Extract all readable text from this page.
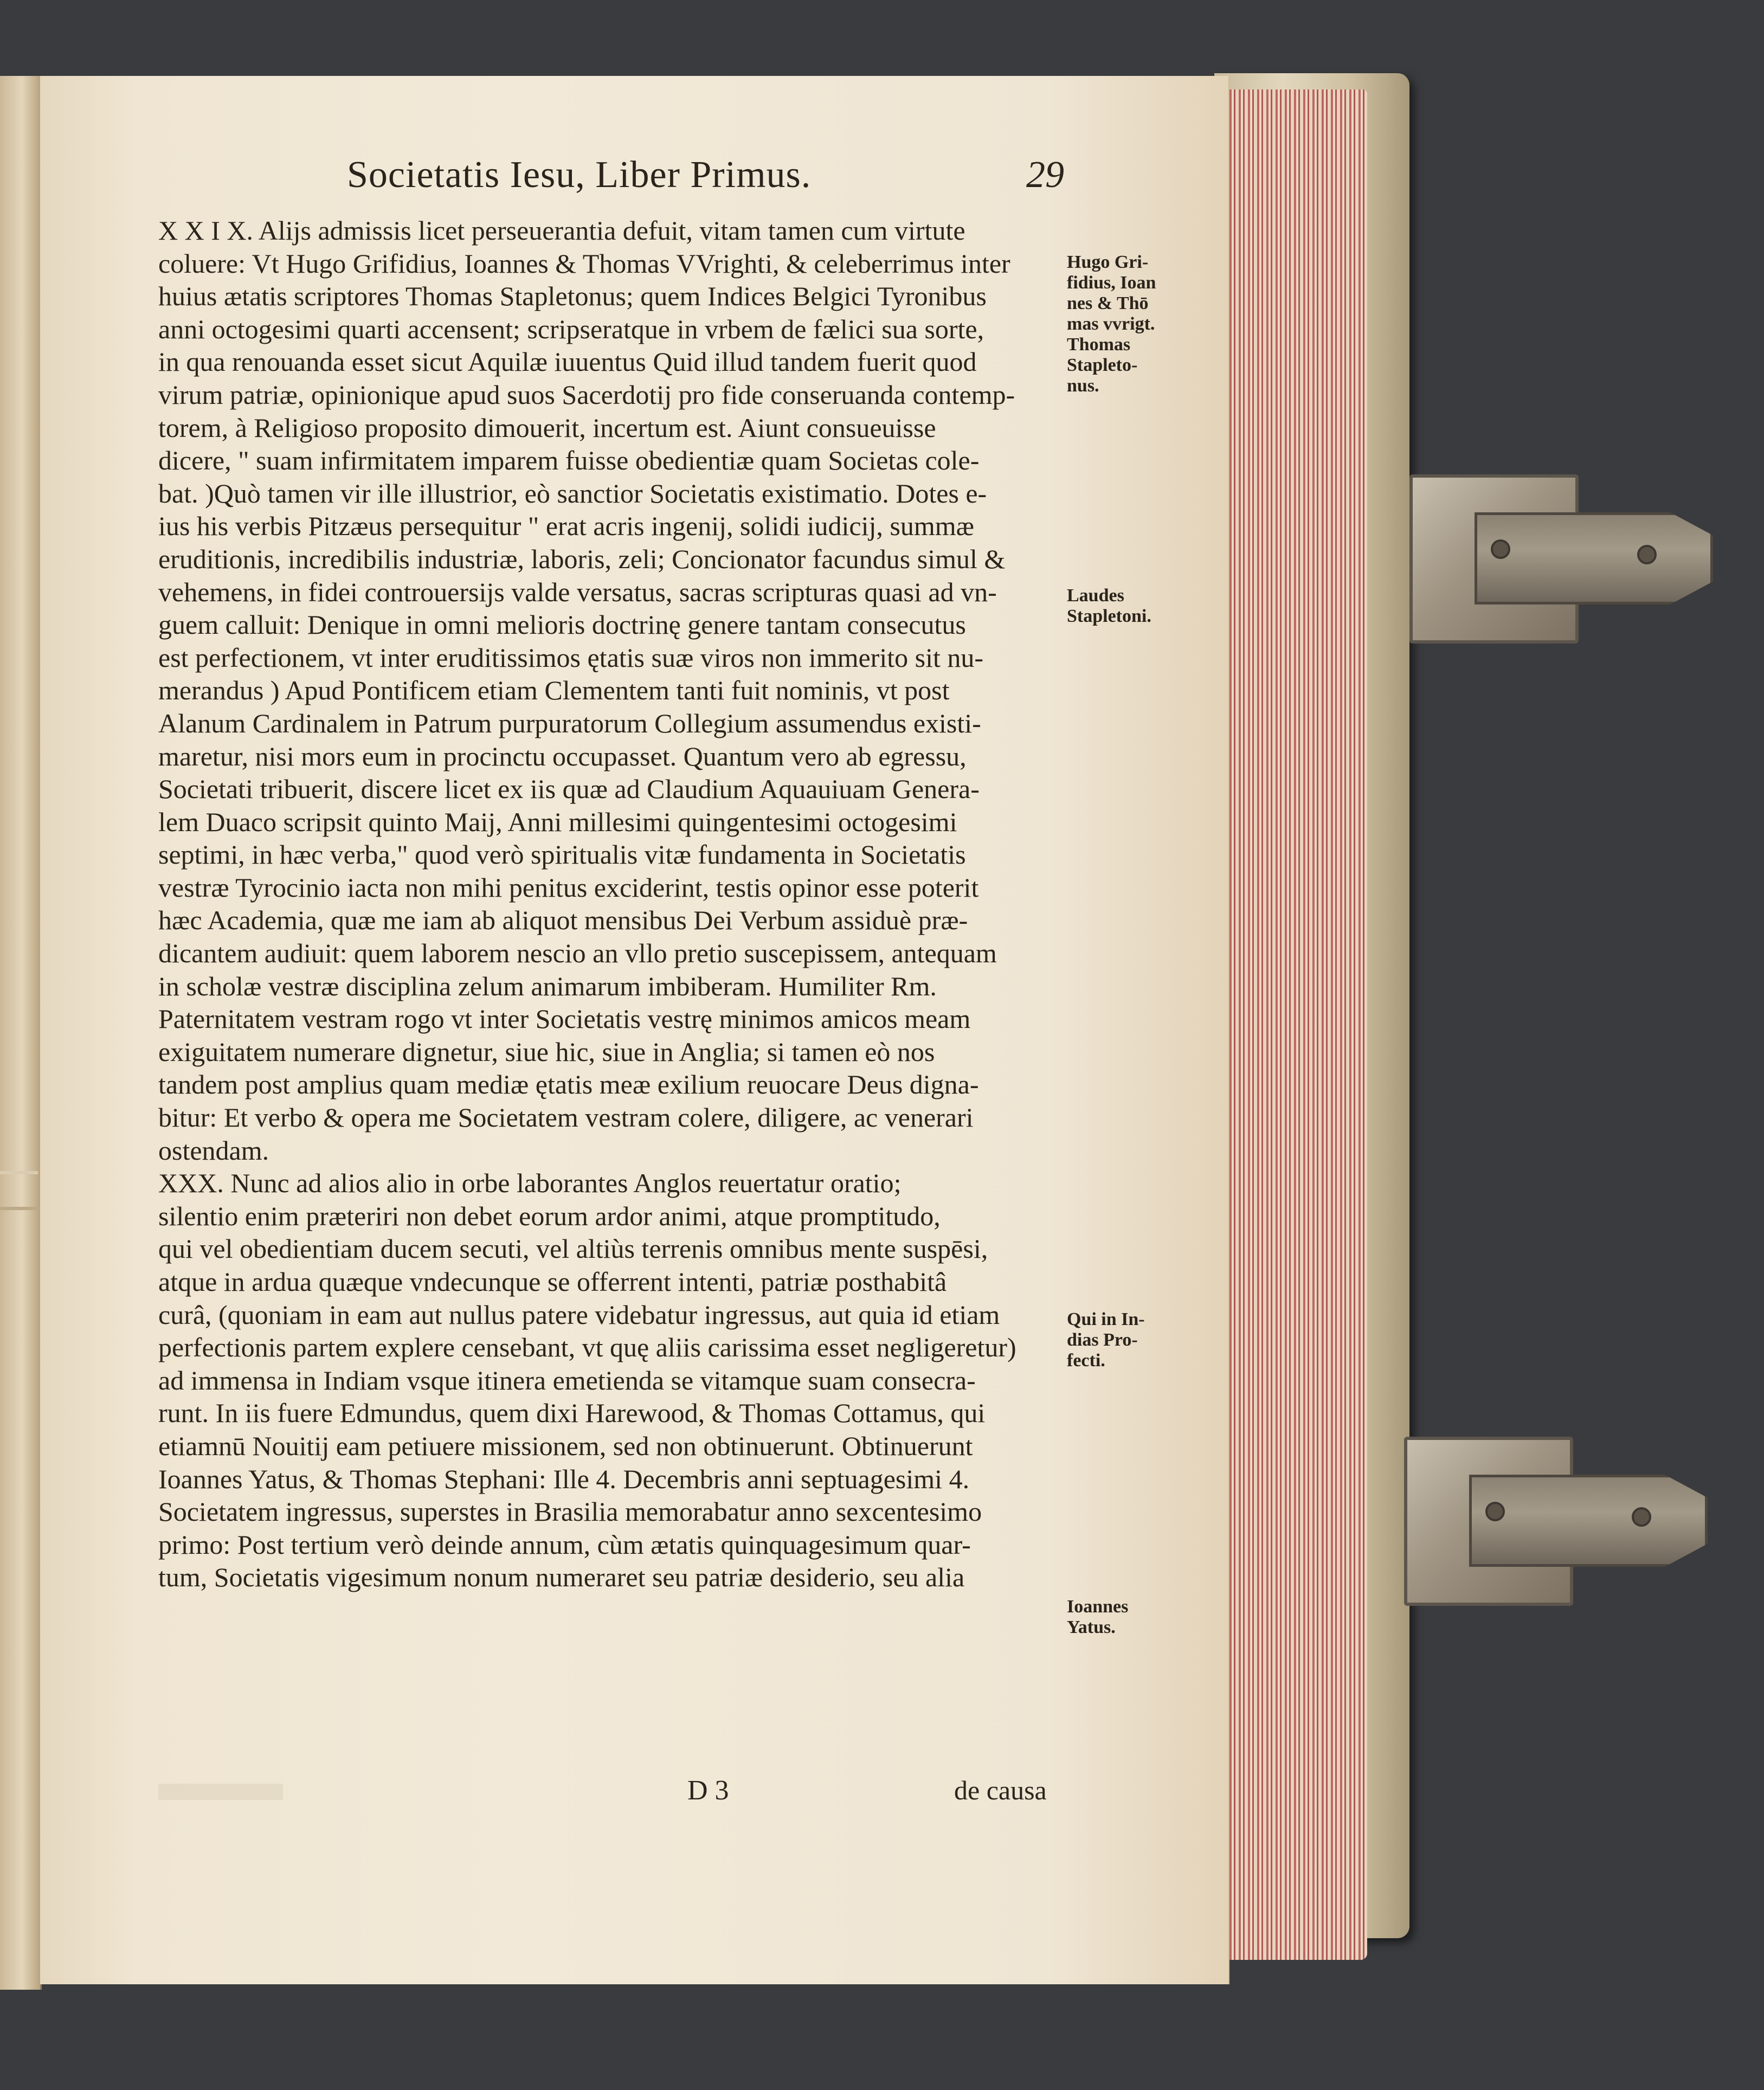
Societatis Iesu, Liber Primus.	29
X X I X. Alijs admissis licet perseuerantia defuit, vitam tamen cum virtute
coluere: Vt Hugo Grifidius, Ioannes & Thomas VVrighti, & celeberrimus inter
huius ætatis scriptores Thomas Stapletonus; quem Indices Belgici Tyronibus
anni octogesimi quarti accensent; scripseratque in vrbem de fælici sua sorte,
in qua renouanda esset sicut Aquilæ iuuentus Quid illud tandem fuerit quod
virum patriæ, opinionique apud suos Sacerdotij pro fide conseruanda contemp-
torem, à Religioso proposito dimouerit, incertum est. Aiunt consueuisse
dicere, " suam infirmitatem imparem fuisse obedientiæ quam Societas cole-
bat. )Quò tamen vir ille illustrior, eò sanctior Societatis existimatio. Dotes e-
ius his verbis Pitzæus persequitur " erat acris ingenij, solidi iudicij, summæ
eruditionis, incredibilis industriæ, laboris, zeli; Concionator facundus simul &
vehemens, in fidei controuersijs valde versatus, sacras scripturas quasi ad vn-
guem calluit: Denique in omni melioris doctrinę genere tantam consecutus
est perfectionem, vt inter eruditissimos ętatis suæ viros non immerito sit nu-
merandus ) Apud Pontificem etiam Clementem tanti fuit nominis, vt post
Alanum Cardinalem in Patrum purpuratorum Collegium assumendus existi-
maretur, nisi mors eum in procinctu occupasset. Quantum vero ab egressu,
Societati tribuerit, discere licet ex iis quæ ad Claudium Aquauiuam Genera-
lem Duaco scripsit quinto Maij, Anni millesimi quingentesimi octogesimi
septimi, in hæc verba," quod verò spiritualis vitæ fundamenta in Societatis
vestræ Tyrocinio iacta non mihi penitus exciderint, testis opinor esse poterit
hæc Academia, quæ me iam ab aliquot mensibus Dei Verbum assiduè præ-
dicantem audiuit: quem laborem nescio an vllo pretio suscepissem, antequam
in scholæ vestræ disciplina zelum animarum imbiberam. Humiliter Rm.
Paternitatem vestram rogo vt inter Societatis vestrę minimos amicos meam
exiguitatem numerare dignetur, siue hic, siue in Anglia; si tamen eò nos
tandem post amplius quam mediæ ętatis meæ exilium reuocare Deus digna-
bitur: Et verbo & opera me Societatem vestram colere, diligere, ac venerari
ostendam.
XXX. Nunc ad alios alio in orbe laborantes Anglos reuertatur oratio;
silentio enim præteriri non debet eorum ardor animi, atque promptitudo,
qui vel obedientiam ducem secuti, vel altiùs terrenis omnibus mente suspēsi,
atque in ardua quæque vndecunque se offerrent intenti, patriæ posthabitâ
curâ, (quoniam in eam aut nullus patere videbatur ingressus, aut quia id etiam
perfectionis partem explere censebant, vt quę aliis carissima esset negligeretur)
ad immensa in Indiam vsque itinera emetienda se vitamque suam consecra-
runt. In iis fuere Edmundus, quem dixi Harewood, & Thomas Cottamus, qui
etiamnū Nouitij eam petiuere missionem, sed non obtinuerunt. Obtinuerunt
Ioannes Yatus, & Thomas Stephani: Ille 4. Decembris anni septuagesimi 4.
Societatem ingressus, superstes in Brasilia memorabatur anno sexcentesimo
primo: Post tertium verò deinde annum, cùm ætatis quinquagesimum quar-
tum, Societatis vigesimum nonum numeraret seu patriæ desiderio, seu alia
Hugo Gri-
fidius, Ioan
nes & Thō
mas vvrigt.
Thomas
Stapleto-
nus.
Laudes
Stapletoni.
Qui in In-
dias Pro-
fecti.
Ioannes
Yatus.
D 3	de causa
